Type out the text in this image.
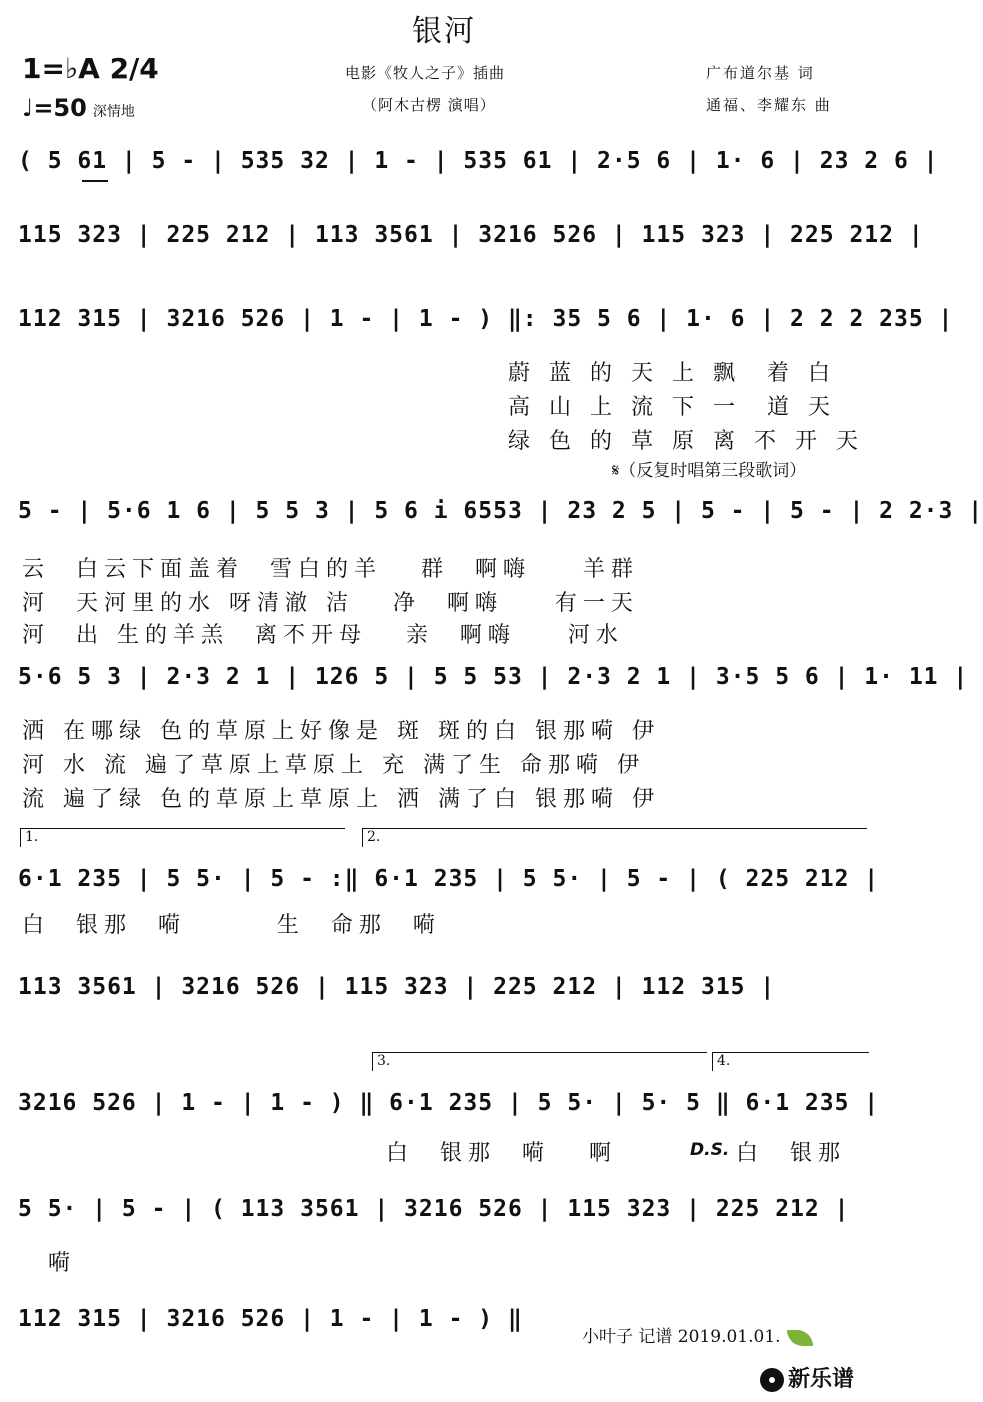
银河
1=♭A 2/4
♩=50 深情地
电影《牧人之子》插曲
（阿木古楞 演唱）
广布道尔基 词
通福、李耀东 曲
( 5 61 | 5 - | 535 32 | 1 - | 535 61 | 2·5 6 | 1· 6 | 23 2 6 |
115 323 | 225 212 | 113 3561 | 3216 526 | 115 323 | 225 212 |
112 315 | 3216 526 | 1 - | 1 - ) ‖: 35 5 6 | 1· 6 | 2 2 2 235 |
蔚 蓝 的 天 上 飘  着 白
高 山 上 流 下 一  道 天
绿 色 的 草 原 离 不 开 天
𝄋（反复时唱第三段歌词）
5 - | 5·6 1 6 | 5 5 3 | 5 6 i 6553 | 23 2 5 | 5 - | 5 - | 2 2·3 |
云  白云下面盖着  雪白的羊   群  啊嗨    羊群
河  天河里的水 呀清澈 洁   净  啊嗨    有一天
河  出 生的羊羔  离不开母   亲  啊嗨    河水
5·6 5 3 | 2·3 2 1 | 126 5 | 5 5 53 | 2·3 2 1 | 3·5 5 6 | 1· 11 |
洒 在哪绿 色的草原上好像是 斑 斑的白 银那嗬 伊
河 水 流 遍了草原上草原上 充 满了生 命那嗬 伊
流 遍了绿 色的草原上草原上 洒 满了白 银那嗬 伊
1.	2.
6·1 235 | 5 5· | 5 - :‖ 6·1 235 | 5 5· | 5 - | ( 225 212 |
白  银那  嗬       生  命那  嗬
113 3561 | 3216 526 | 115 323 | 225 212 | 112 315 |
3.	4.
3216 526 | 1 - | 1 - ) ‖ 6·1 235 | 5 5· | 5· 5 ‖ 6·1 235 |
白  银那  嗬   啊	D.S. 白  银那
5 5· | 5 - | ( 113 3561 | 3216 526 | 115 323 | 225 212 |
嗬
112 315 | 3216 526 | 1 - | 1 - ) ‖
小叶子 记谱 2019.01.01.
新乐谱
